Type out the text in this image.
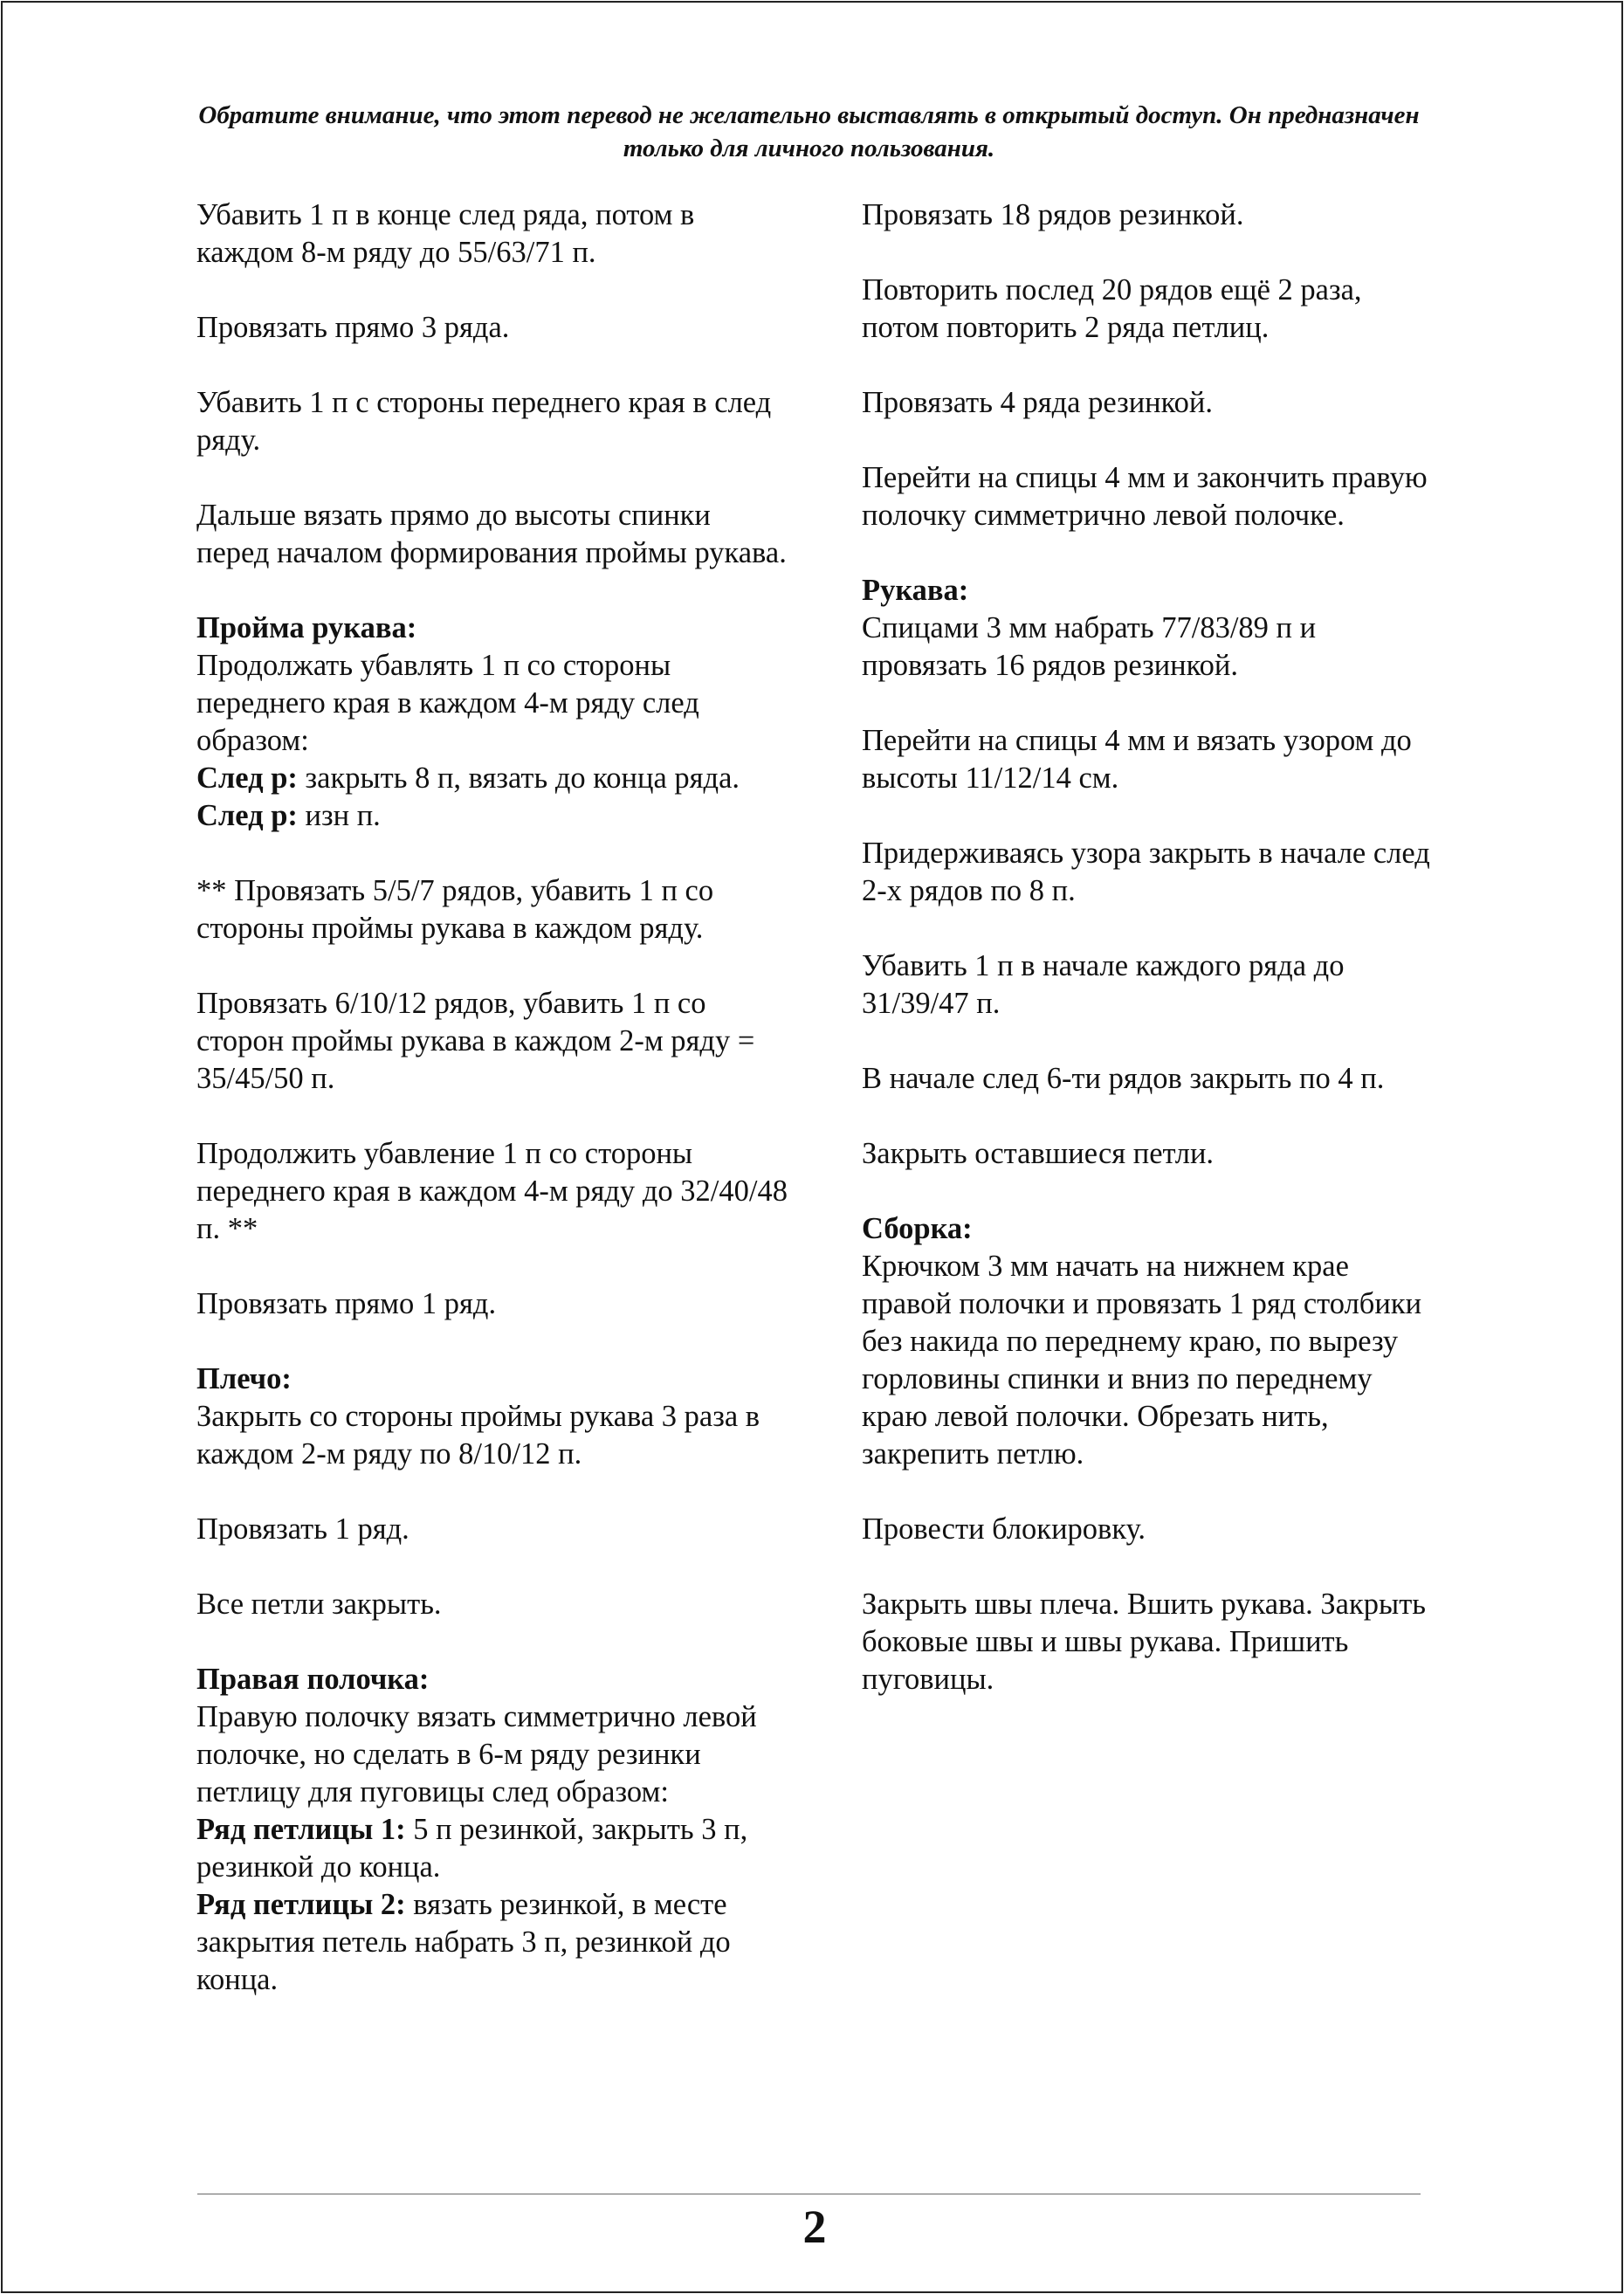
Обратите внимание, что этот перевод не желательно выставлять в открытый доступ. Он предназначен только для личного пользования.
Убавить 1 п в конце след ряда, потом в каждом 8-м ряду до 55/63/71 п.
Провязать прямо 3 ряда.
Убавить 1 п с стороны переднего края в след ряду.
Дальше вязать прямо до высоты спинки перед началом формирования проймы рукава.
Пройма рукава:
Продолжать убавлять 1 п со стороны переднего края в каждом 4-м ряду след образом:
След р: закрыть 8 п, вязать до конца ряда.
След р: изн п.
** Провязать 5/5/7 рядов, убавить 1 п со стороны проймы рукава в каждом ряду.
Провязать 6/10/12 рядов, убавить 1 п со сторон проймы рукава в каждом 2-м ряду = 35/45/50 п.
Продолжить убавление 1 п со стороны переднего края в каждом 4-м ряду до 32/40/48 п. **
Провязать прямо 1 ряд.
Плечо:
Закрыть со стороны проймы рукава 3 раза в каждом 2-м ряду по 8/10/12 п.
Провязать 1 ряд.
Все петли закрыть.
Правая полочка:
Правую полочку вязать симметрично левой полочке, но сделать в 6-м ряду резинки петлицу для пуговицы след образом:
Ряд петлицы 1: 5 п резинкой, закрыть 3 п, резинкой до конца.
Ряд петлицы 2: вязать резинкой, в месте закрытия петель набрать 3 п, резинкой до конца.
Провязать 18 рядов резинкой.
Повторить послед 20 рядов ещё 2 раза, потом повторить 2 ряда петлиц.
Провязать 4 ряда резинкой.
Перейти на спицы 4 мм и закончить правую полочку симметрично левой полочке.
Рукава:
Спицами 3 мм набрать 77/83/89 п и провязать 16 рядов резинкой.
Перейти на спицы 4 мм и вязать узором до высоты 11/12/14 см.
Придерживаясь узора закрыть в начале след 2-х рядов по 8 п.
Убавить 1 п в начале каждого ряда до 31/39/47 п.
В начале след 6-ти рядов закрыть по 4 п.
Закрыть оставшиеся петли.
Сборка:
Крючком 3 мм начать на нижнем крае правой полочки и провязать 1 ряд столбики без накида по переднему краю, по вырезу горловины спинки и вниз по переднему краю левой полочки. Обрезать нить, закрепить петлю.
Провести блокировку.
Закрыть швы плеча. Вшить рукава. Закрыть боковые швы и швы рукава. Пришить пуговицы.
2
